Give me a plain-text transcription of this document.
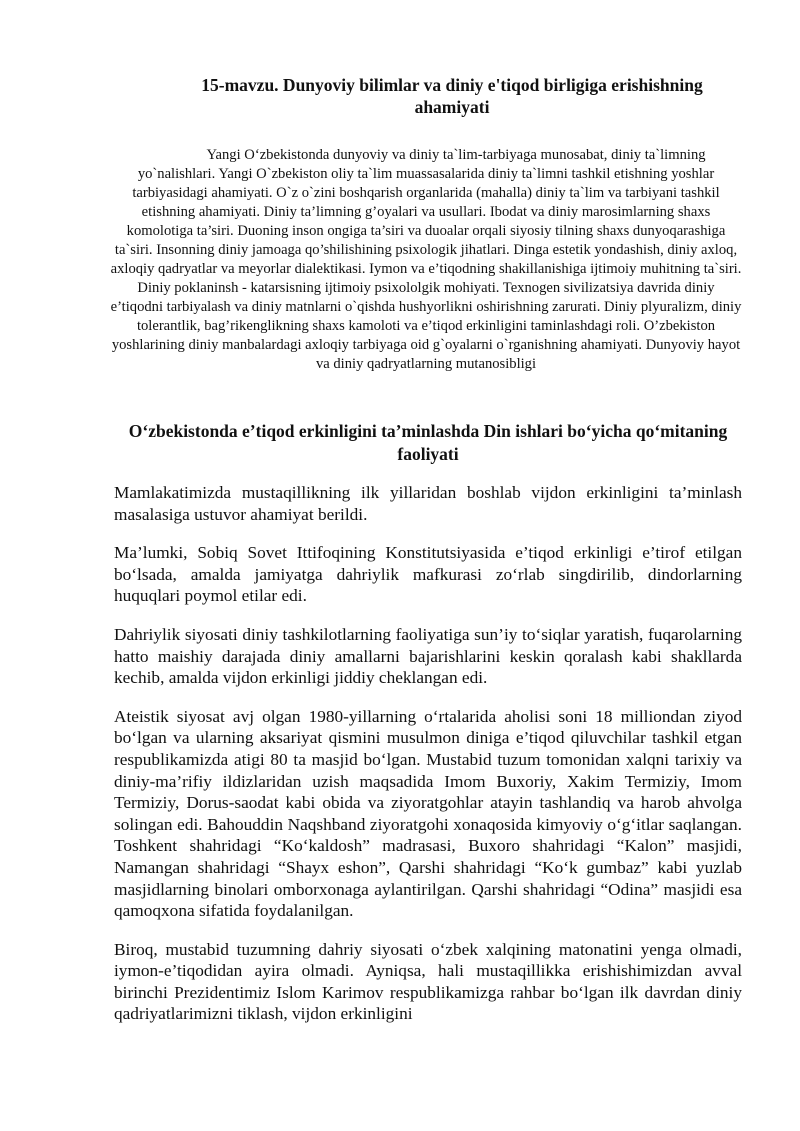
15-mavzu. Dunyoviy bilimlar va diniy e'tiqod birligiga erishishning ahamiyati

Yangi O‘zbekistonda dunyoviy va diniy ta`lim-tarbiyaga munosabat, diniy ta`limning yo`nalishlari. Yangi O`zbekiston oliy ta`lim muassasalarida diniy ta`limni tashkil etishning yoshlar tarbiyasidagi ahamiyati. O`z o`zini boshqarish organlarida (mahalla) diniy ta`lim va tarbiyani tashkil etishning ahamiyati. Diniy ta’limning g’oyalari va usullari. Ibodat va diniy marosimlarning shaxs komolotiga ta’siri. Duoning inson ongiga ta’siri va duoalar orqali siyosiy tilning shaxs dunyoqarashiga ta`siri. Insonning diniy jamoaga qo’shilishining psixologik jihatlari. Dinga estetik yondashish, diniy axloq, axloqiy qadryatlar va meyorlar dialektikasi. Iymon va e’tiqodning shakillanishiga ijtimoiy muhitning ta`siri. Diniy poklaninsh - katarsisning ijtimoiy psixololgik mohiyati. Texnogen sivilizatsiya davrida diniy e’tiqodni tarbiyalash va diniy matnlarni o`qishda hushyorlikni oshirishning zarurati. Diniy plyuralizm, diniy tolerantlik, bag’rikenglikning shaxs kamoloti va e’tiqod erkinligini taminlashdagi roli. O’zbekiston yoshlarining diniy manbalardagi axloqiy tarbiyaga oid g`oyalarni o`rganishning ahamiyati. Dunyoviy hayot va diniy qadryatlarning mutanosibligi

O‘zbekistonda e’tiqod erkinligini ta’minlashda Din ishlari bo‘yicha qo‘mitaning faoliyati

Mamlakatimizda mustaqillikning ilk yillaridan boshlab vijdon erkinligini ta’minlash masalasiga ustuvor ahamiyat berildi.

Ma’lumki, Sobiq Sovet Ittifoqining Konstitutsiyasida e’tiqod erkinligi e’tirof etilgan bo‘lsada, amalda jamiyatga dahriylik mafkurasi zo‘rlab singdirilib, dindorlarning huquqlari poymol etilar edi.

Dahriylik siyosati diniy tashkilotlarning faoliyatiga sun’iy to‘siqlar yaratish, fuqarolarning hatto maishiy darajada diniy amallarni bajarishlarini keskin qoralash kabi shakllarda kechib, amalda vijdon erkinligi jiddiy cheklangan edi.

Ateistik siyosat avj olgan 1980-yillarning o‘rtalarida aholisi soni 18 milliondan ziyod bo‘lgan va ularning aksariyat qismini musulmon diniga e’tiqod qiluvchilar tashkil etgan respublikamizda atigi 80 ta masjid bo‘lgan. Mustabid tuzum tomonidan xalqni tarixiy va diniy-ma’rifiy ildizlaridan uzish maqsadida Imom Buxoriy, Xakim Termiziy, Imom Termiziy, Dorus-saodat kabi obida va ziyoratgohlar atayin tashlandiq va harob ahvolga solingan edi. Bahouddin Naqshband ziyoratgohi xonaqosida kimyoviy o‘g‘itlar saqlangan. Toshkent shahridagi “Ko‘kaldosh” madrasasi, Buxoro shahridagi “Kalon” masjidi, Namangan shahridagi “Shayx eshon”, Qarshi shahridagi “Ko‘k gumbaz” kabi yuzlab masjidlarning binolari omborxonaga aylantirilgan. Qarshi shahridagi “Odina” masjidi esa qamoqxona sifatida foydalanilgan.

Biroq, mustabid tuzumning dahriy siyosati o‘zbek xalqining matonatini yenga olmadi, iymon-e’tiqodidan ayira olmadi. Ayniqsa, hali mustaqillikka erishishimizdan avval birinchi Prezidentimiz Islom Karimov respublikamizga rahbar bo‘lgan ilk davrdan diniy qadriyatlarimizni tiklash, vijdon erkinligini
